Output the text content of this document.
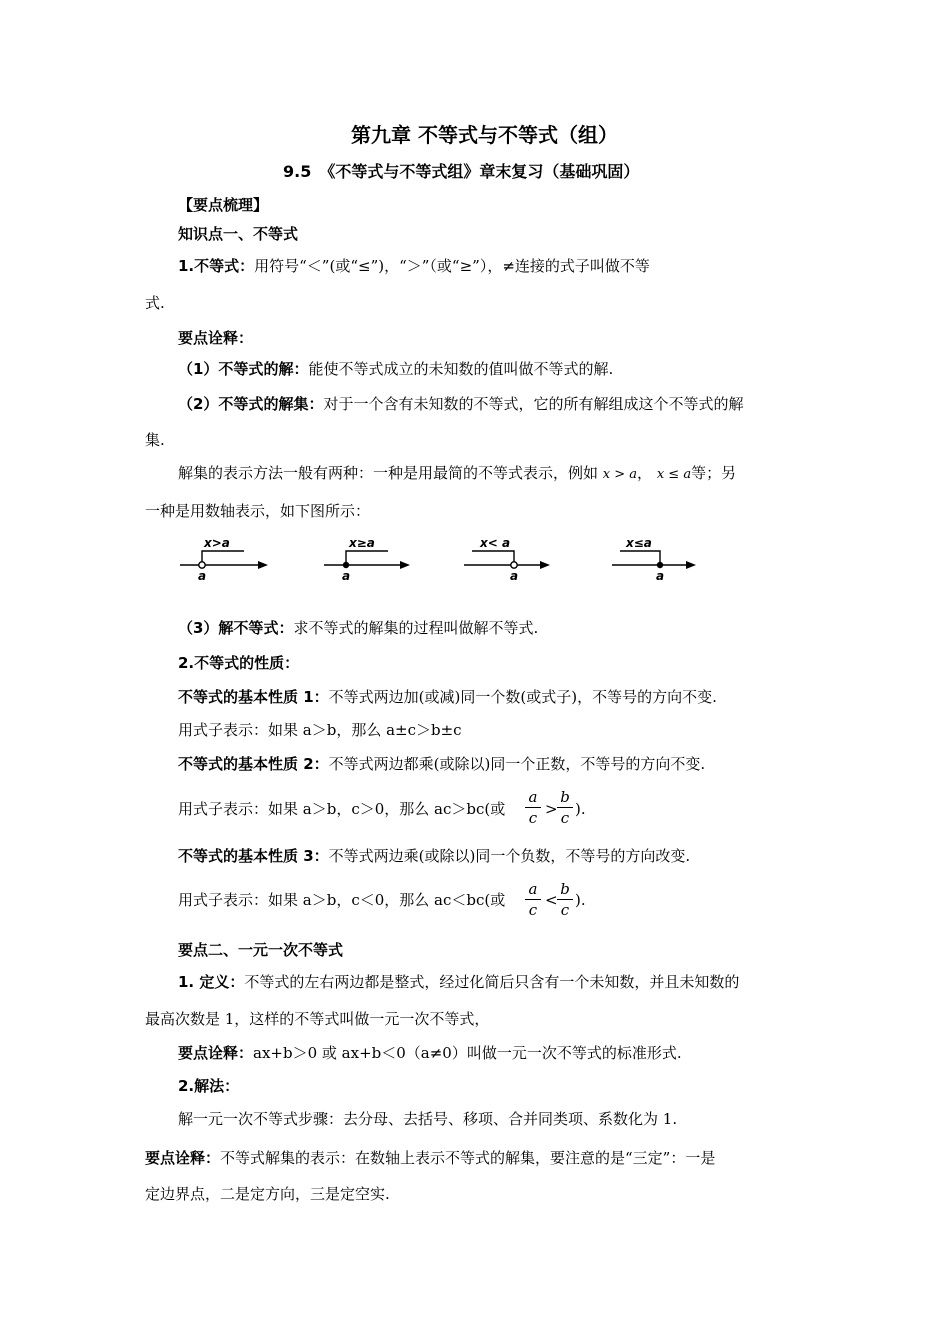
第九章 不等式与不等式（组）
9.5　《不等式与不等式组》章末复习（基础巩固）
【要点梳理】
知识点一、不等式
1.不等式：用符号“＜”(或“≤”)，“＞”（或“≥”），≠连接的式子叫做不等
式.
要点诠释：
（1）不等式的解：能使不等式成立的未知数的值叫做不等式的解.
（2）不等式的解集：对于一个含有未知数的不等式，它的所有解组成这个不等式的解
集.
解集的表示方法一般有两种：一种是用最简的不等式表示，例如 x > a， x ≤ a等；另
一种是用数轴表示，如下图所示：
x>a
a
x≥a
a
x< a
a
x≤a
a
（3）解不等式：求不等式的解集的过程叫做解不等式.
2.不等式的性质：
不等式的基本性质 1：不等式两边加(或减)同一个数(或式子)，不等号的方向不变.
用式子表示：如果 a＞b，那么 a±c＞b±c
不等式的基本性质 2：不等式两边都乘(或除以)同一个正数，不等号的方向不变.
用式子表示：如果 a＞b，c＞0，那么 ac＞bc(或
a
c >
b
c ).
不等式的基本性质 3：不等式两边乘(或除以)同一个负数，不等号的方向改变.
用式子表示：如果 a＞b，c＜0，那么 ac＜bc(或
a
c
<
b
c
).
要点二、一元一次不等式
1. 定义：不等式的左右两边都是整式，经过化简后只含有一个未知数，并且未知数的
最高次数是 1，这样的不等式叫做一元一次不等式，
要点诠释：ax+b＞0 或 ax+b＜0（a≠0）叫做一元一次不等式的标准形式.
2.解法：
解一元一次不等式步骤：去分母、去括号、移项、合并同类项、系数化为 1.
要点诠释：不等式解集的表示：在数轴上表示不等式的解集，要注意的是“三定”：一是
定边界点，二是定方向，三是定空实.
